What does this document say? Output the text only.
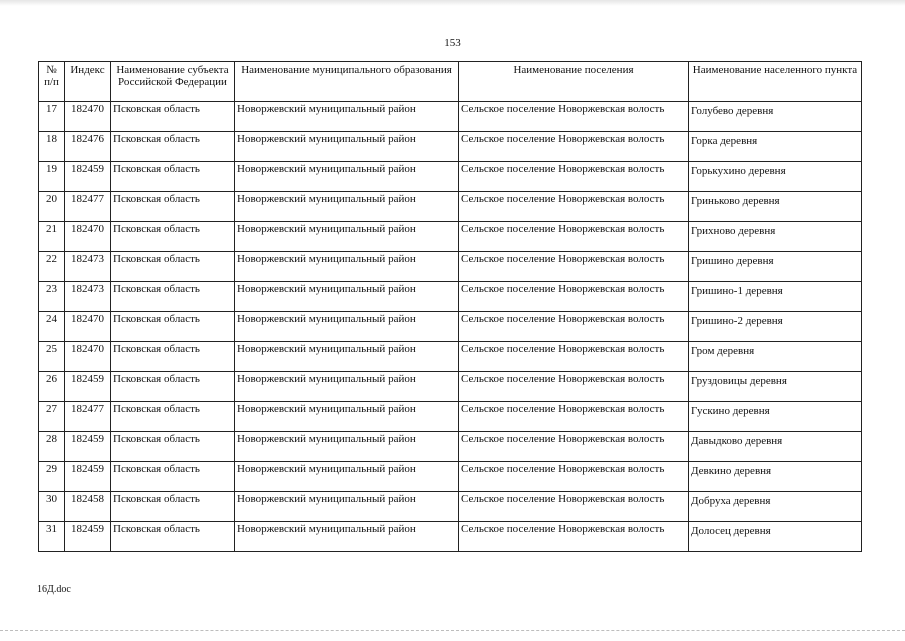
153
№ п/п	Индекс	Наименование субъекта Российской Федерации	Наименование муниципального образования	Наименование поселения	Наименование населенного пункта
17	182470	Псковская область	Новоржевский муниципальный район	Сельское поселение Новоржевская волость	Голубево деревня

18	182476	Псковская область	Новоржевский муниципальный район	Сельское поселение Новоржевская волость	Горка деревня

19	182459	Псковская область	Новоржевский муниципальный район	Сельское поселение Новоржевская волость	Горькухино деревня

20	182477	Псковская область	Новоржевский муниципальный район	Сельское поселение Новоржевская волость	Гриньково деревня

21	182470	Псковская область	Новоржевский муниципальный район	Сельское поселение Новоржевская волость	Грихново деревня

22	182473	Псковская область	Новоржевский муниципальный район	Сельское поселение Новоржевская волость	Гришино деревня

23	182473	Псковская область	Новоржевский муниципальный район	Сельское поселение Новоржевская волость	Гришино-1 деревня

24	182470	Псковская область	Новоржевский муниципальный район	Сельское поселение Новоржевская волость	Гришино-2 деревня

25	182470	Псковская область	Новоржевский муниципальный район	Сельское поселение Новоржевская волость	Гром деревня

26	182459	Псковская область	Новоржевский муниципальный район	Сельское поселение Новоржевская волость	Груздовицы деревня

27	182477	Псковская область	Новоржевский муниципальный район	Сельское поселение Новоржевская волость	Гускино деревня

28	182459	Псковская область	Новоржевский муниципальный район	Сельское поселение Новоржевская волость	Давыдково деревня

29	182459	Псковская область	Новоржевский муниципальный район	Сельское поселение Новоржевская волость	Девкино деревня

30	182458	Псковская область	Новоржевский муниципальный район	Сельское поселение Новоржевская волость	Добруха деревня

31	182459	Псковская область	Новоржевский муниципальный район	Сельское поселение Новоржевская волость	Долосец деревня
16Д.doc
